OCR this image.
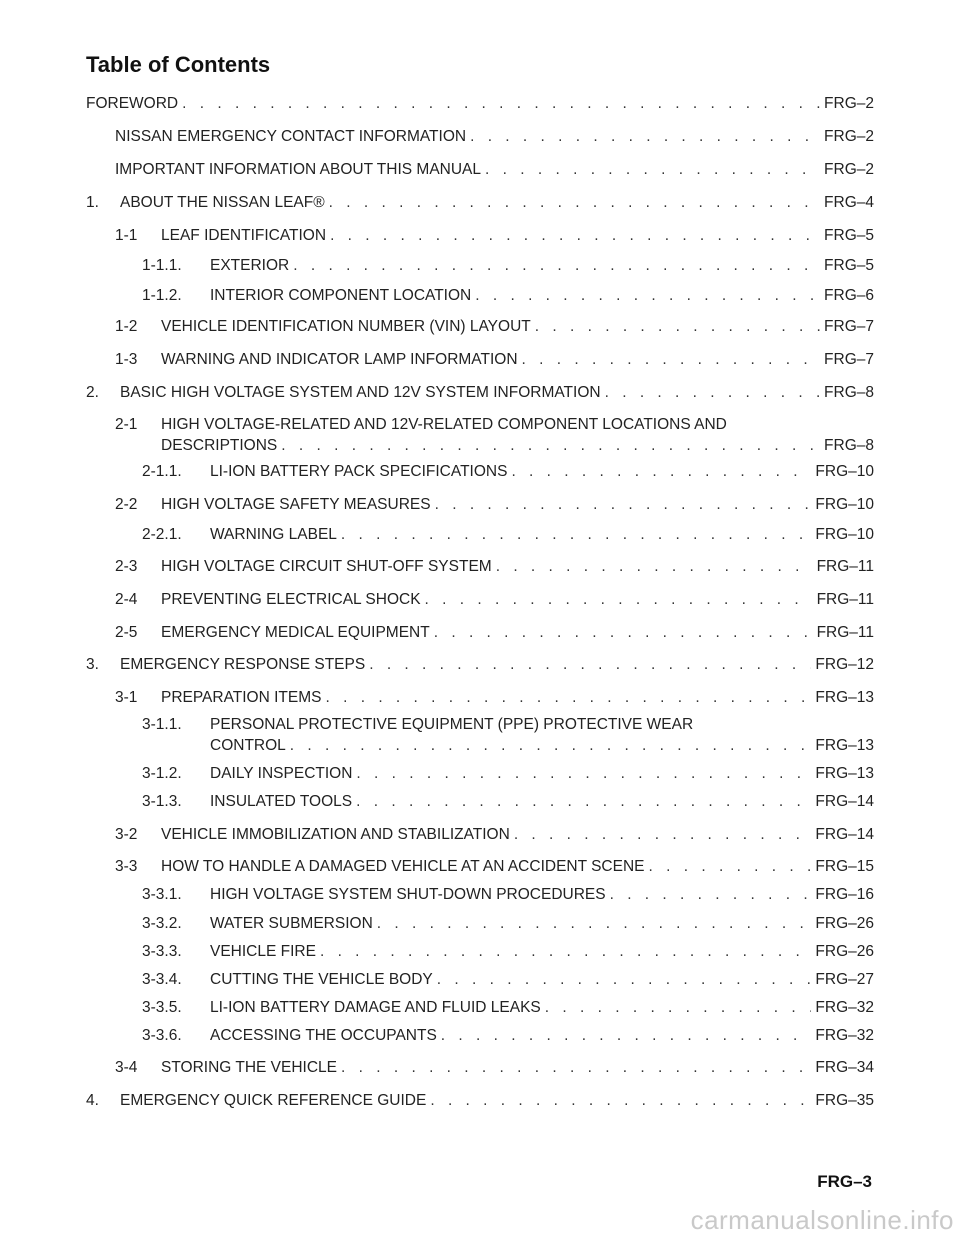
Table of Contents
FOREWORD . . .	FRG–2
NISSAN EMERGENCY CONTACT INFORMATION . . .	FRG–2
IMPORTANT INFORMATION ABOUT THIS MANUAL . . .	FRG–2
1.	ABOUT THE NISSAN LEAF® . . .	FRG–4
1-1	LEAF IDENTIFICATION . . .	FRG–5
1-1.1.	EXTERIOR . . .	FRG–5
1-1.2.	INTERIOR COMPONENT LOCATION . . .	FRG–6
1-2	VEHICLE IDENTIFICATION NUMBER (VIN) LAYOUT . . .	FRG–7
1-3	WARNING AND INDICATOR LAMP INFORMATION . . .	FRG–7
2.	BASIC HIGH VOLTAGE SYSTEM AND 12V SYSTEM INFORMATION . . .	FRG–8
2-1 HIGH VOLTAGE-RELATED AND 12V-RELATED COMPONENT LOCATIONS AND
DESCRIPTIONS . . .	FRG–8
2-1.1.	LI-ION BATTERY PACK SPECIFICATIONS . . .	FRG–10
2-2	HIGH VOLTAGE SAFETY MEASURES . . .	FRG–10
2-2.1.	WARNING LABEL . . .	FRG–10
2-3	HIGH VOLTAGE CIRCUIT SHUT-OFF SYSTEM . . .	FRG–11
2-4	PREVENTING ELECTRICAL SHOCK . . .	FRG–11
2-5	EMERGENCY MEDICAL EQUIPMENT . . .	FRG–11
3.	EMERGENCY RESPONSE STEPS . . .	FRG–12
3-1	PREPARATION ITEMS . . .	FRG–13
3-1.1. PERSONAL PROTECTIVE EQUIPMENT (PPE) PROTECTIVE WEAR
CONTROL . . .	FRG–13
3-1.2.	DAILY INSPECTION . . .	FRG–13
3-1.3.	INSULATED TOOLS . . .	FRG–14
3-2	VEHICLE IMMOBILIZATION AND STABILIZATION . . .	FRG–14
3-3	HOW TO HANDLE A DAMAGED VEHICLE AT AN ACCIDENT SCENE . . .	FRG–15
3-3.1.	HIGH VOLTAGE SYSTEM SHUT-DOWN PROCEDURES . . .	FRG–16
3-3.2.	WATER SUBMERSION . . .	FRG–26
3-3.3.	VEHICLE FIRE . . .	FRG–26
3-3.4.	CUTTING THE VEHICLE BODY . . .	FRG–27
3-3.5.	LI-ION BATTERY DAMAGE AND FLUID LEAKS . . .	FRG–32
3-3.6.	ACCESSING THE OCCUPANTS . . .	FRG–32
3-4	STORING THE VEHICLE . . .	FRG–34
4.	EMERGENCY QUICK REFERENCE GUIDE . . .	FRG–35
FRG–3
carmanualsonline.info
